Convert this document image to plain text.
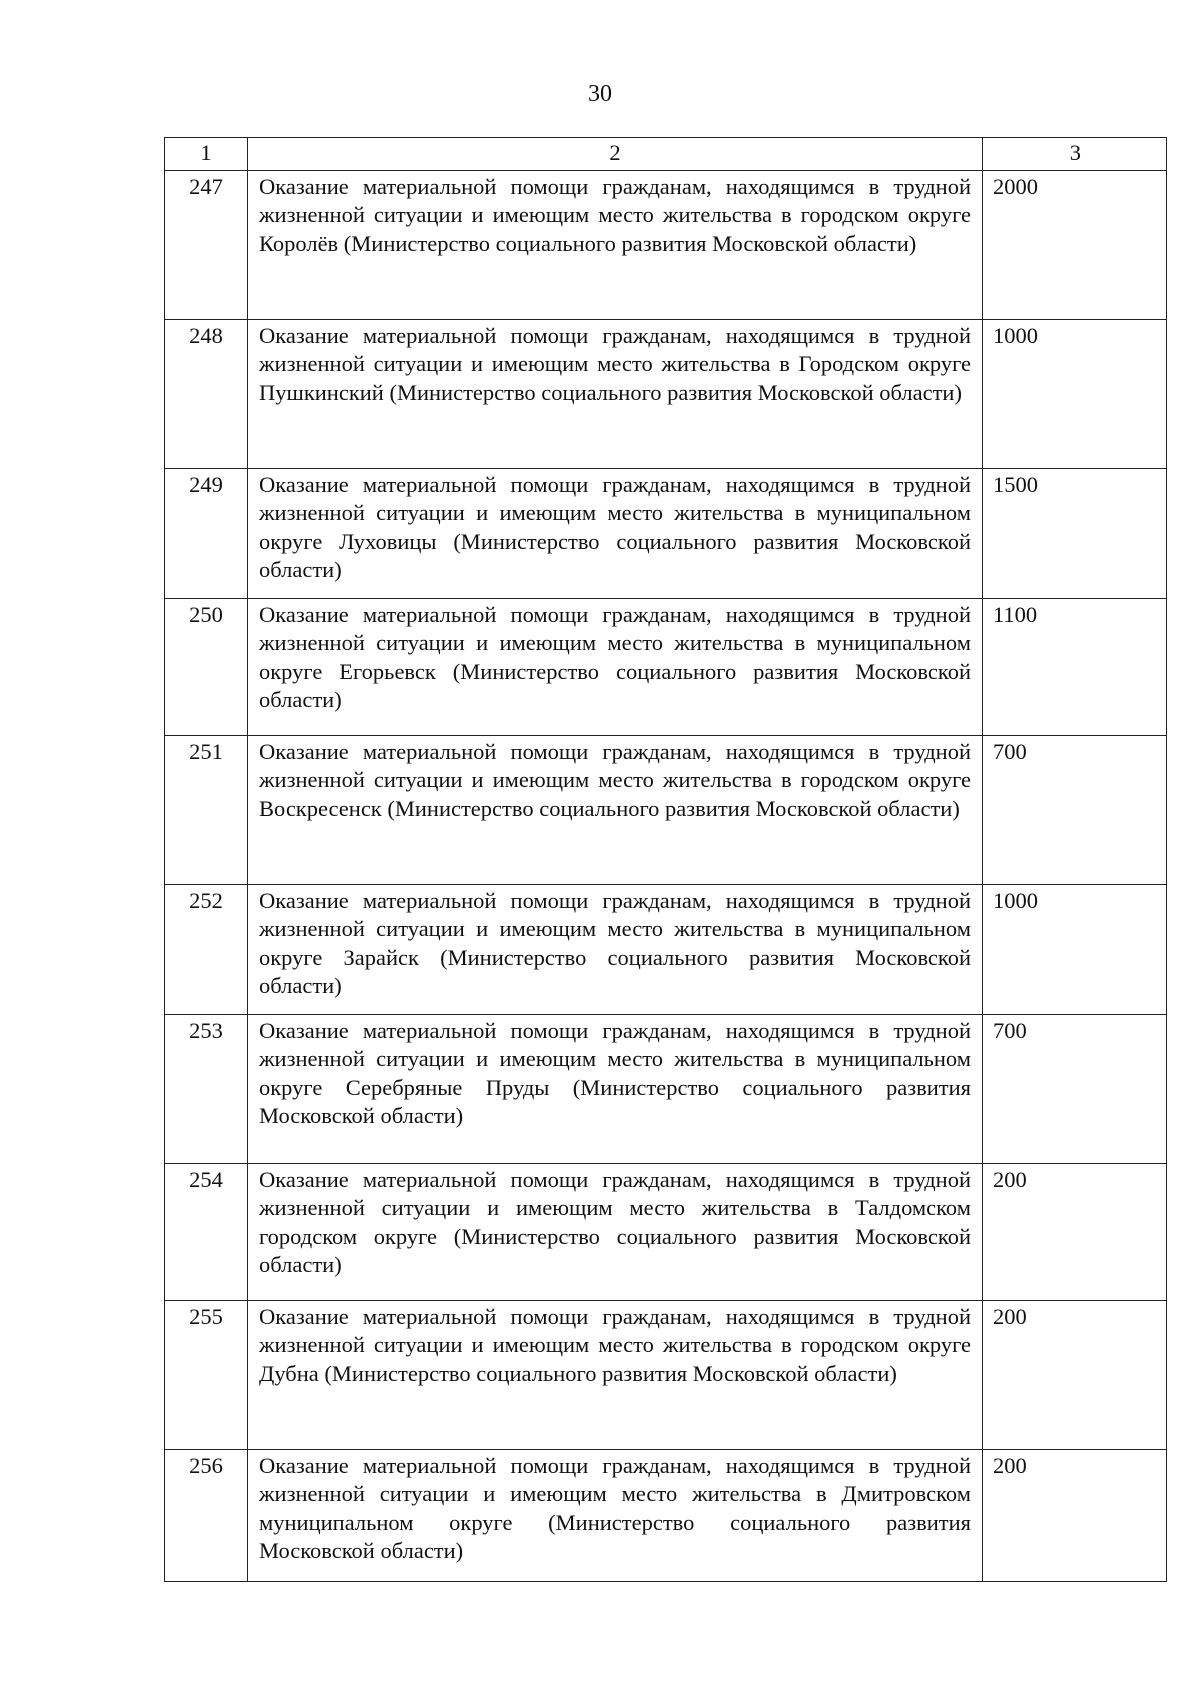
30
1	2	3
247	Оказание материальной помощи гражданам, находящимся в трудной жизненной ситуации и имеющим место жительства в городском округе Королёв (Министерство социального развития Московской области)	2000
248	Оказание материальной помощи гражданам, находящимся в трудной жизненной ситуации и имеющим место жительства в Городском округе Пушкинский (Министерство социального развития Московской области)	1000
249	Оказание материальной помощи гражданам, находящимся в трудной жизненной ситуации и имеющим место жительства в муниципальном округе Луховицы (Министерство социального развития Московской области)	1500
250	Оказание материальной помощи гражданам, находящимся в трудной жизненной ситуации и имеющим место жительства в муниципальном округе Егорьевск (Министерство социального развития Московской области)	1100
251	Оказание материальной помощи гражданам, находящимся в трудной жизненной ситуации и имеющим место жительства в городском округе Воскресенск (Министерство социального развития Московской области)	700
252	Оказание материальной помощи гражданам, находящимся в трудной жизненной ситуации и имеющим место жительства в муниципальном округе Зарайск (Министерство социального развития Московской области)	1000
253	Оказание материальной помощи гражданам, находящимся в трудной жизненной ситуации и имеющим место жительства в муниципальном округе Серебряные Пруды (Министерство социального развития Московской области)	700
254	Оказание материальной помощи гражданам, находящимся в трудной жизненной ситуации и имеющим место жительства в Талдомском городском округе (Министерство социального развития Московской области)	200
255	Оказание материальной помощи гражданам, находящимся в трудной жизненной ситуации и имеющим место жительства в городском округе Дубна (Министерство социального развития Московской области)	200
256	Оказание материальной помощи гражданам, находящимся в трудной жизненной ситуации и имеющим место жительства в Дмитровском муниципальном округе (Министерство социального развития Московской области)	200
